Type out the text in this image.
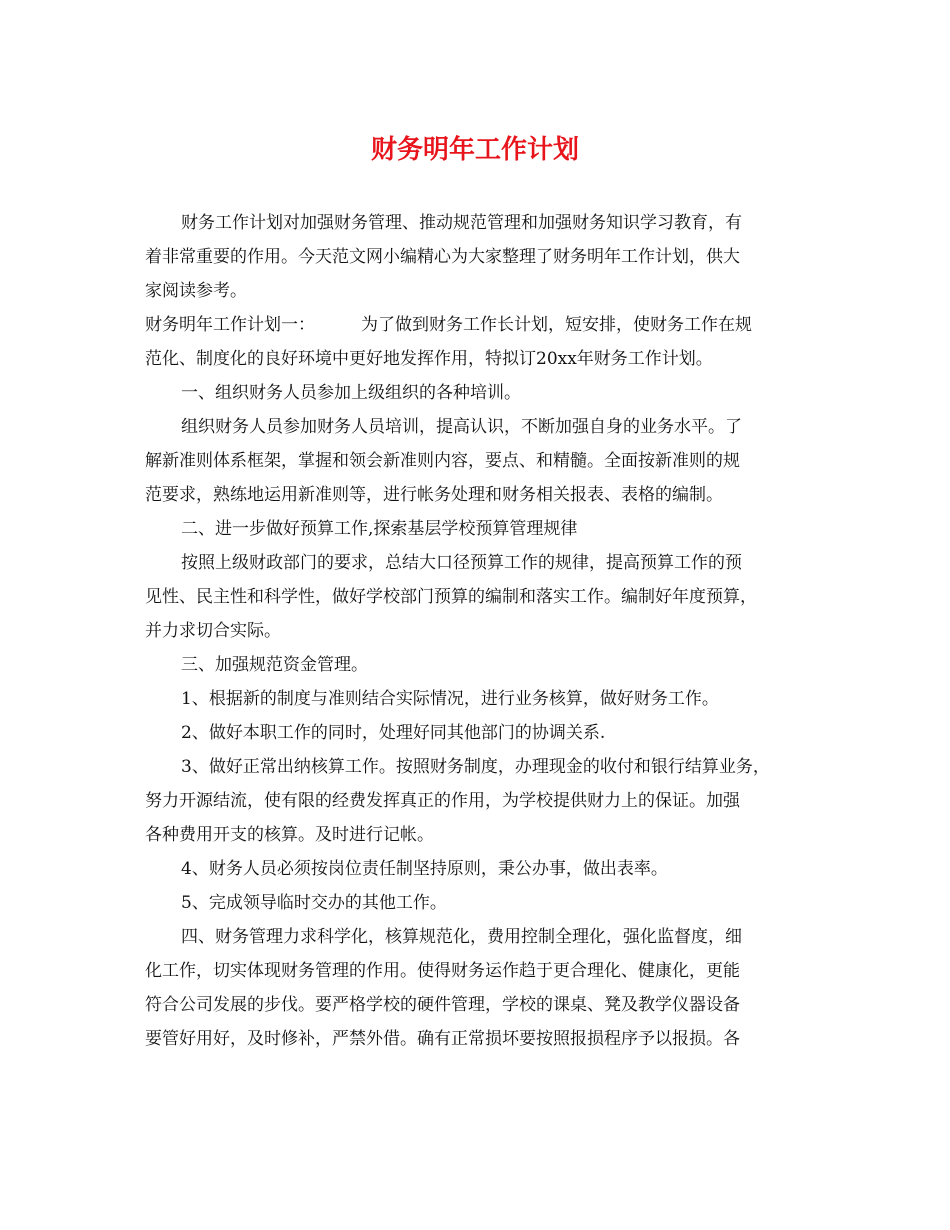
财务明年工作计划

财务工作计划对加强财务管理、推动规范管理和加强财务知识学习教育，有

着非常重要的作用。今天范文网小编精心为大家整理了财务明年工作计划，供大

家阅读参考。

财务明年工作计划一：	为了做到财务工作长计划，短安排，使财务工作在规

范化、制度化的良好环境中更好地发挥作用，特拟订20xx年财务工作计划。

一、组织财务人员参加上级组织的各种培训。

组织财务人员参加财务人员培训，提高认识，不断加强自身的业务水平。了

解新准则体系框架，掌握和领会新准则内容，要点、和精髓。全面按新准则的规

范要求，熟练地运用新准则等，进行帐务处理和财务相关报表、表格的编制。

二、进一步做好预算工作,探索基层学校预算管理规律

按照上级财政部门的要求，总结大口径预算工作的规律，提高预算工作的预

见性、民主性和科学性，做好学校部门预算的编制和落实工作。编制好年度预算，

并力求切合实际。

三、加强规范资金管理。

1、根据新的制度与准则结合实际情况，进行业务核算，做好财务工作。

2、做好本职工作的同时，处理好同其他部门的协调关系.

3、做好正常出纳核算工作。按照财务制度，办理现金的收付和银行结算业务，

努力开源结流，使有限的经费发挥真正的作用，为学校提供财力上的保证。加强

各种费用开支的核算。及时进行记帐。

4、财务人员必须按岗位责任制坚持原则，秉公办事，做出表率。

5、完成领导临时交办的其他工作。

四、财务管理力求科学化，核算规范化，费用控制全理化，强化监督度，细

化工作，切实体现财务管理的作用。使得财务运作趋于更合理化、健康化，更能

符合公司发展的步伐。要严格学校的硬件管理，学校的课桌、凳及教学仪器设备

要管好用好，及时修补，严禁外借。确有正常损坏要按照报损程序予以报损。各
